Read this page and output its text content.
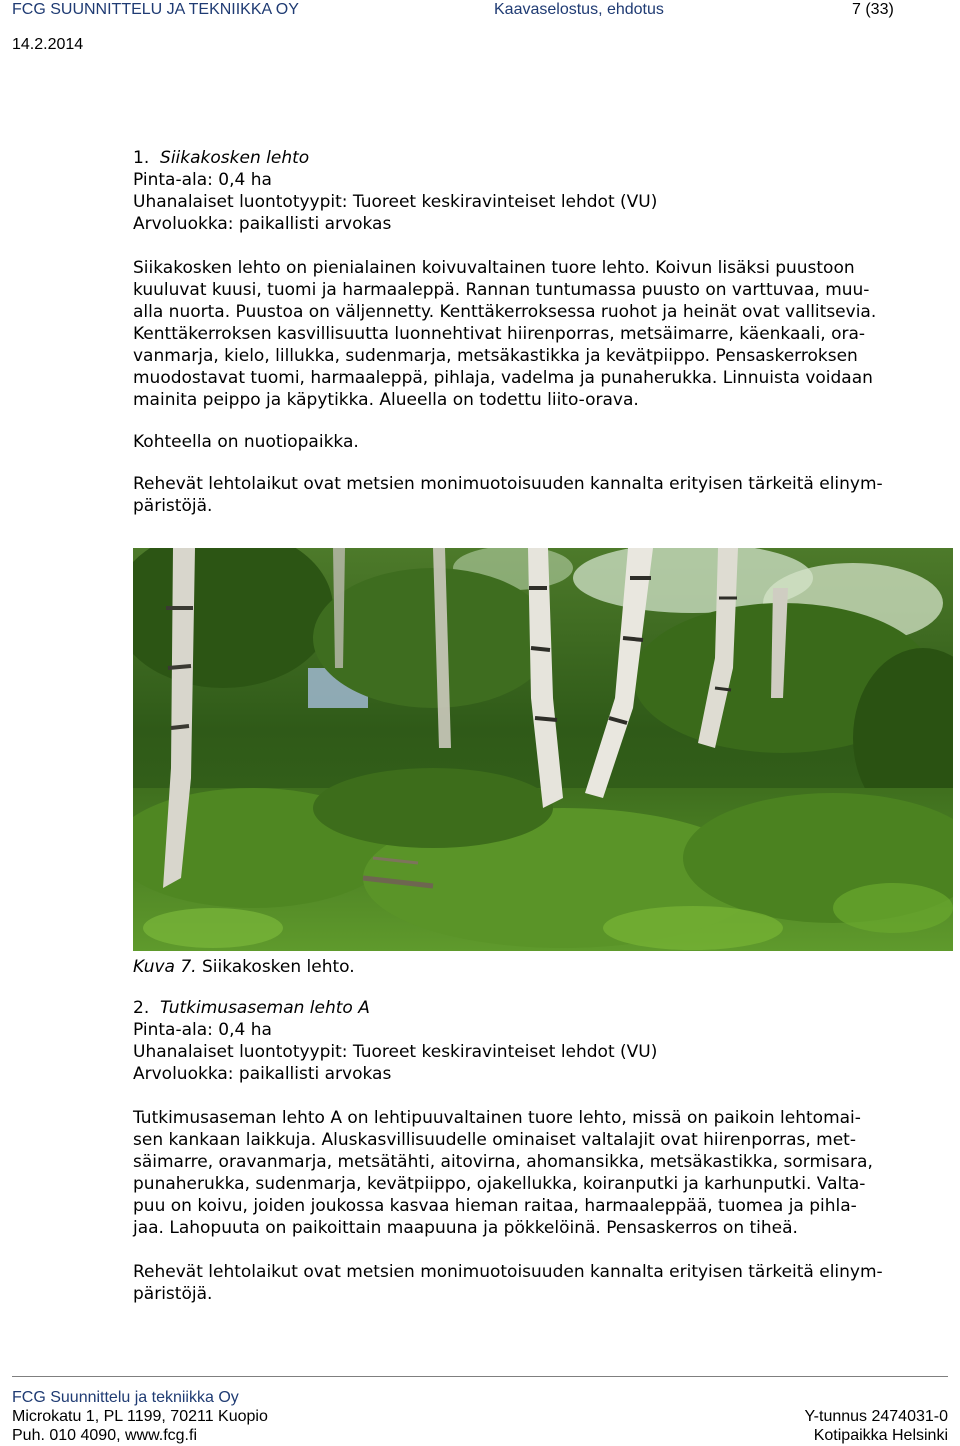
FCG SUUNNITTELU JA TEKNIIKKA OY	Kaavaselostus, ehdotus	7 (33)
14.2.2014

1. Siikakosken lehto

Pinta-ala: 0,4 ha

Uhanalaiset luontotyypit: Tuoreet keskiravinteiset lehdot (VU)

Arvoluokka: paikallisti arvokas

Siikakosken lehto on pienialainen koivuvaltainen tuore lehto. Koivun lisäksi puustoon

kuuluvat kuusi, tuomi ja harmaaleppä. Rannan tuntumassa puusto on varttuvaa, muu-

alla nuorta. Puustoa on väljennetty. Kenttäkerroksessa ruohot ja heinät ovat vallitsevia.

Kenttäkerroksen kasvillisuutta luonnehtivat hiirenporras, metsäimarre, käenkaali, ora-

vanmarja, kielo, lillukka, sudenmarja, metsäkastikka ja kevätpiippo. Pensaskerroksen

muodostavat tuomi, harmaaleppä, pihlaja, vadelma ja punaherukka. Linnuista voidaan

mainita peippo ja käpytikka. Alueella on todettu liito-orava.

Kohteella on nuotiopaikka.

Rehevät lehtolaikut ovat metsien monimuotoisuuden kannalta erityisen tärkeitä elinym-

päristöjä.

Kuva 7. Siikakosken lehto.

2. Tutkimusaseman lehto A

Pinta-ala: 0,4 ha

Uhanalaiset luontotyypit: Tuoreet keskiravinteiset lehdot (VU)

Arvoluokka: paikallisti arvokas

Tutkimusaseman lehto A on lehtipuuvaltainen tuore lehto, missä on paikoin lehtomai-

sen kankaan laikkuja. Aluskasvillisuudelle ominaiset valtalajit ovat hiirenporras, met-

säimarre, oravanmarja, metsätähti, aitovirna, ahomansikka, metsäkastikka, sormisara,

punaherukka, sudenmarja, kevätpiippo, ojakellukka, koiranputki ja karhunputki. Valta-

puu on koivu, joiden joukossa kasvaa hieman raitaa, harmaaleppää, tuomea ja pihla-

jaa. Lahopuuta on paikoittain maapuuna ja pökkelöinä. Pensaskerros on tiheä.

Rehevät lehtolaikut ovat metsien monimuotoisuuden kannalta erityisen tärkeitä elinym-

päristöjä.

FCG Suunnittelu ja tekniikka Oy
Microkatu 1, PL 1199, 70211 Kuopio
Puh. 010 4090, www.fcg.fi
Y-tunnus 2474031-0
Kotipaikka Helsinki
